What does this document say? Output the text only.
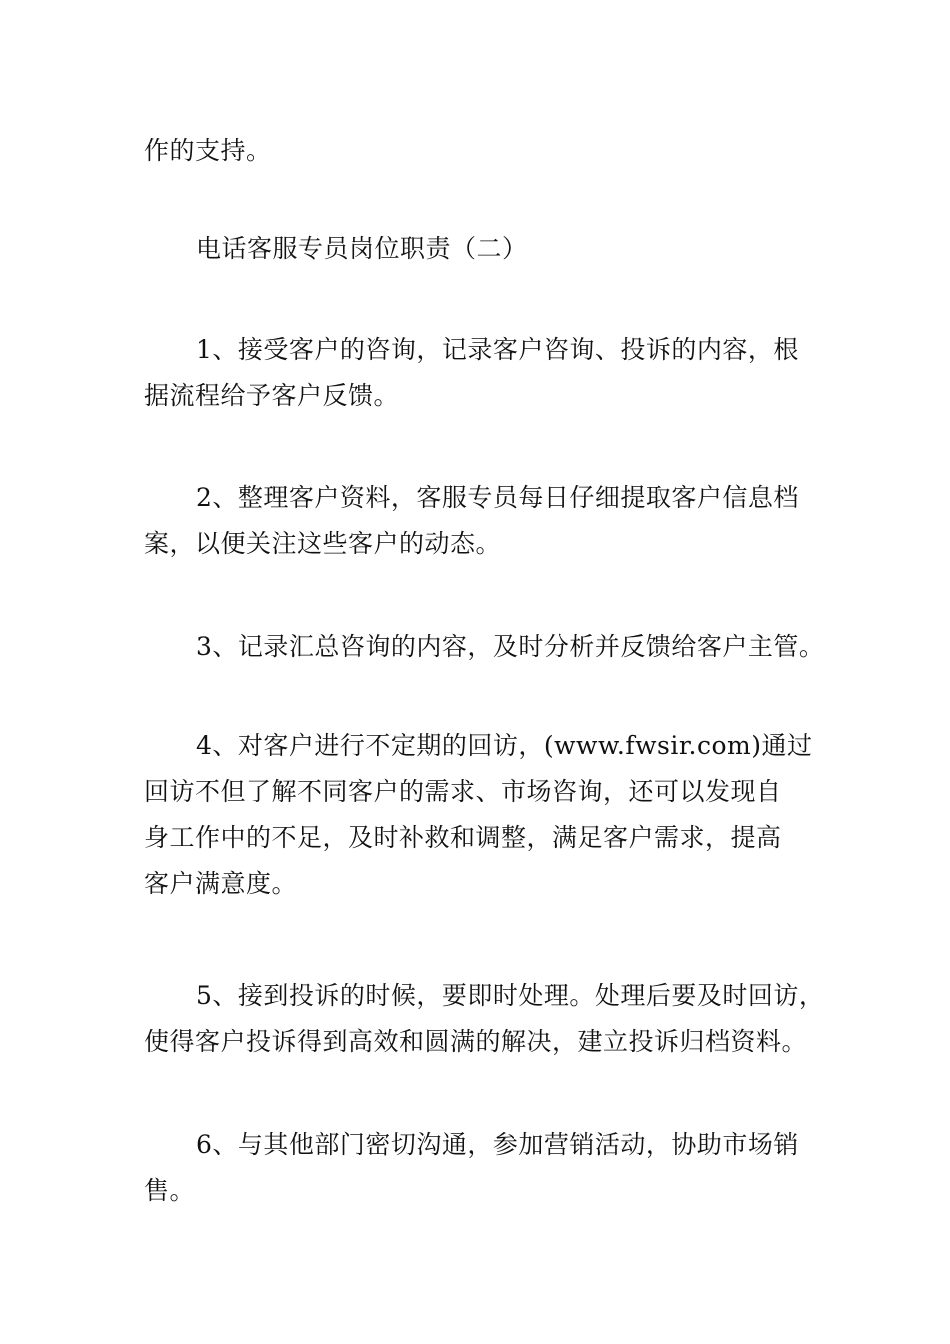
作的支持。

电话客服专员岗位职责（二）

1、接受客户的咨询，记录客户咨询、投诉的内容，根
据流程给予客户反馈。

2、整理客户资料，客服专员每日仔细提取客户信息档
案，以便关注这些客户的动态。

3、记录汇总咨询的内容，及时分析并反馈给客户主管。

4、对客户进行不定期的回访，(www.fwsir.com)通过
回访不但了解不同客户的需求、市场咨询，还可以发现自
身工作中的不足，及时补救和调整，满足客户需求，提高
客户满意度。

5、接到投诉的时候，要即时处理。处理后要及时回访，
使得客户投诉得到高效和圆满的解决，建立投诉归档资料。

6、与其他部门密切沟通，参加营销活动，协助市场销
售。
